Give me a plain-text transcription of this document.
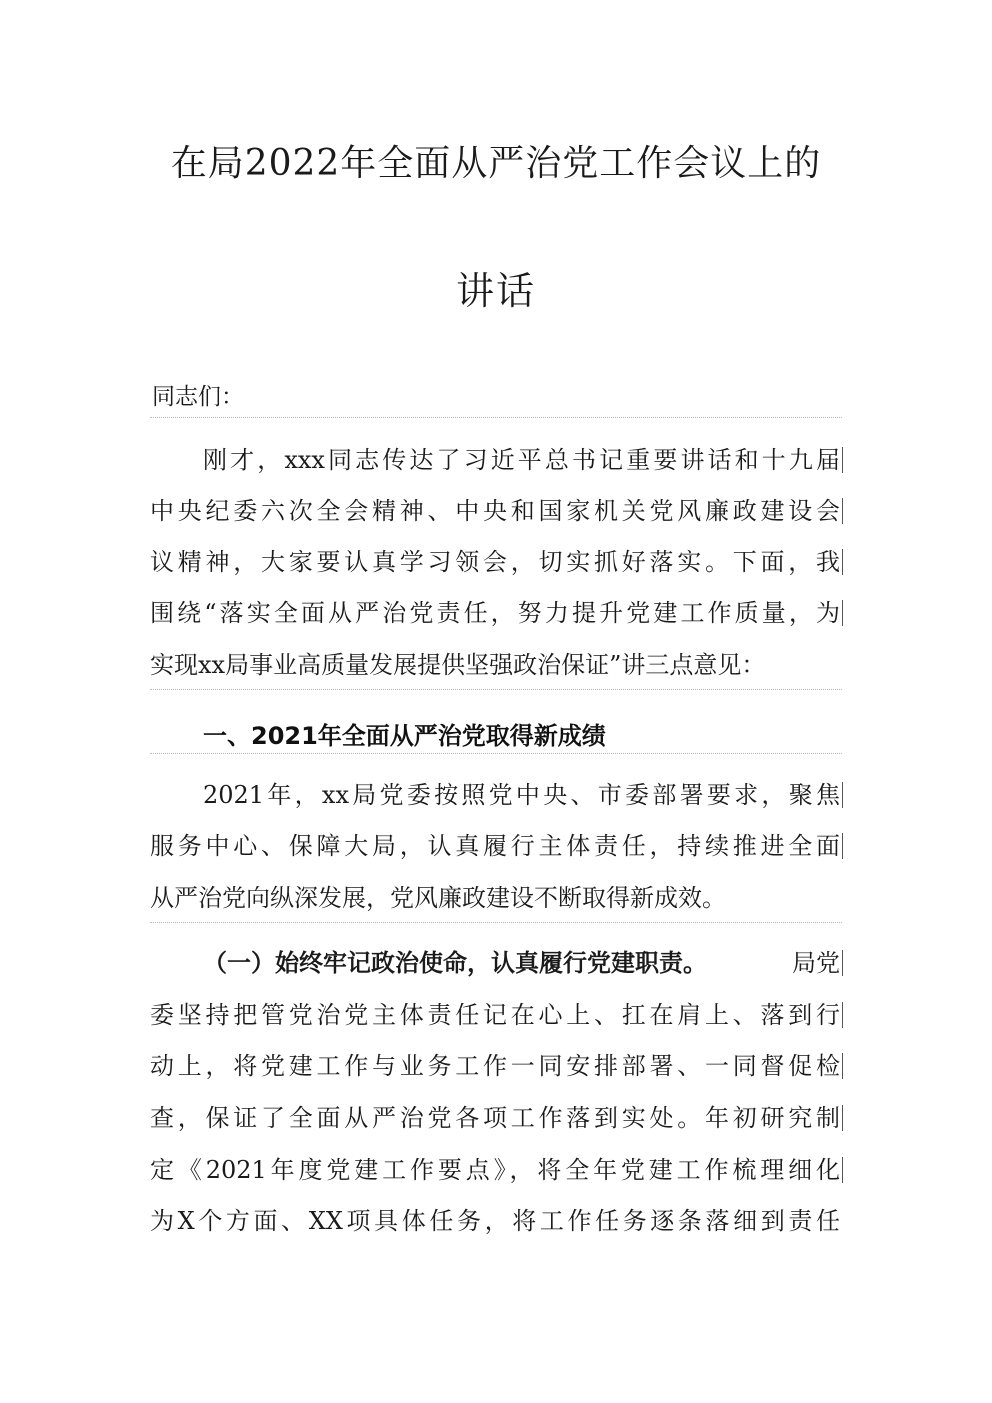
在局2022年全面从严治党工作会议上的
讲话
同志们：
刚才，xxx同志传达了习近平总书记重要讲话和十九届
中央纪委六次全会精神、中央和国家机关党风廉政建设会
议精神，大家要认真学习领会，切实抓好落实。下面，我
围绕“落实全面从严治党责任，努力提升党建工作质量，为
实现xx局事业高质量发展提供坚强政治保证”讲三点意见：
一、2021年全面从严治党取得新成绩
2021年，xx局党委按照党中央、市委部署要求，聚焦
服务中心、保障大局，认真履行主体责任，持续推进全面
从严治党向纵深发展，党风廉政建设不断取得新成效。
（一）始终牢记政治使命，认真履行党建职责。	局党
委坚持把管党治党主体责任记在心上、扛在肩上、落到行
动上，将党建工作与业务工作一同安排部署、一同督促检
查，保证了全面从严治党各项工作落到实处。年初研究制
定《2021年度党建工作要点》，将全年党建工作梳理细化
为X个方面、XX项具体任务，将工作任务逐条落细到责任
